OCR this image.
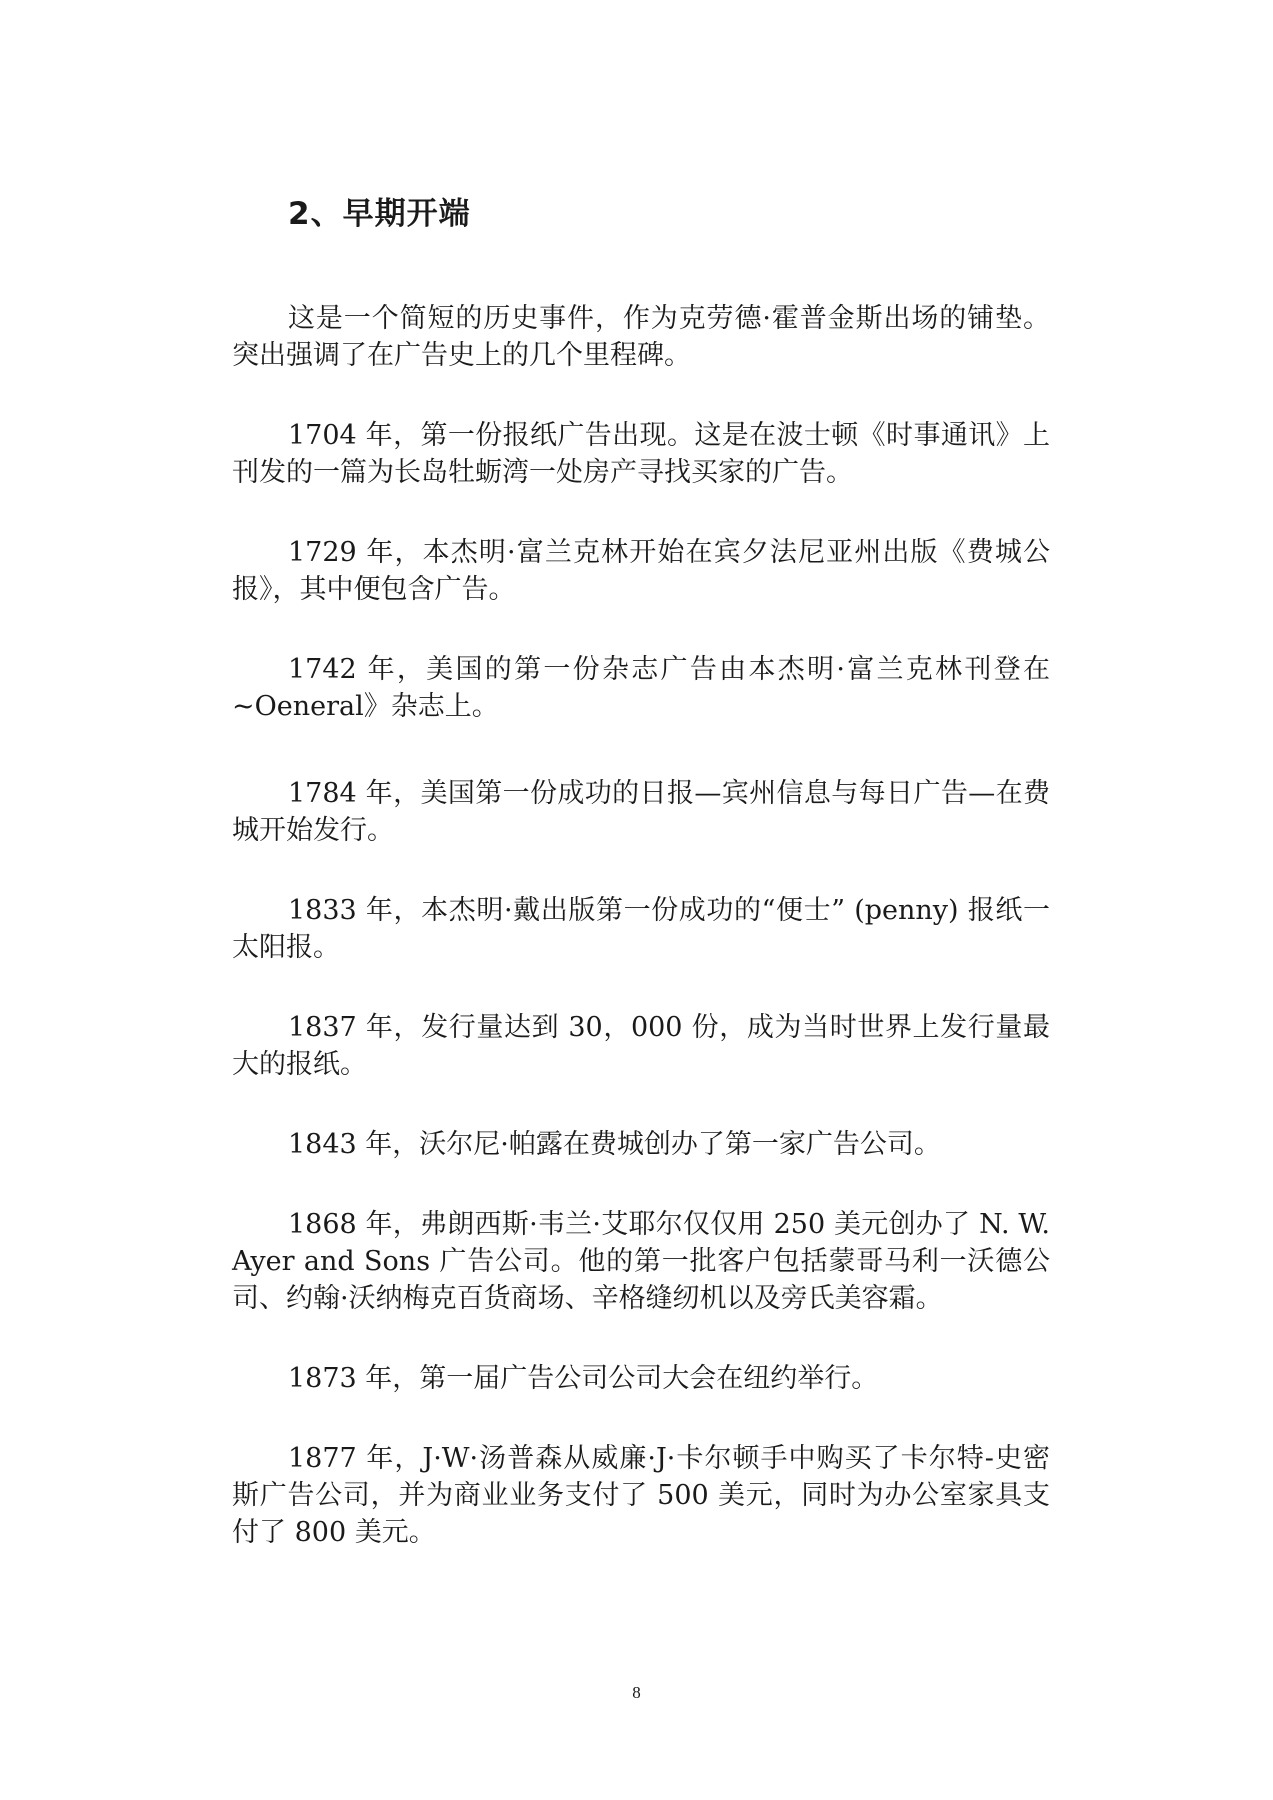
2、早期开端

这是一个简短的历史事件，作为克劳德·霍普金斯出场的铺垫。突出强调了在广告史上的几个里程碑。

1704 年，第一份报纸广告出现。这是在波士顿《时事通讯》上刊发的一篇为长岛牡蛎湾一处房产寻找买家的广告。

1729 年，本杰明·富兰克林开始在宾夕法尼亚州出版《费城公报》，其中便包含广告。

1742 年，美国的第一份杂志广告由本杰明·富兰克林刊登在~Oeneral》杂志上。

1784 年，美国第一份成功的日报—宾州信息与每日广告—在费城开始发行。

1833 年，本杰明·戴出版第一份成功的“便士” (penny) 报纸一太阳报。

1837 年，发行量达到 30，000 份，成为当时世界上发行量最大的报纸。

1843 年，沃尔尼·帕露在费城创办了第一家广告公司。

1868 年，弗朗西斯·韦兰·艾耶尔仅仅用 250 美元创办了 N. W. Ayer and Sons 广告公司。他的第一批客户包括蒙哥马利一沃德公司、约翰·沃纳梅克百货商场、辛格缝纫机以及旁氏美容霜。

1873 年，第一届广告公司公司大会在纽约举行。

1877 年，J·W·汤普森从威廉·J·卡尔顿手中购买了卡尔特-史密斯广告公司，并为商业业务支付了 500 美元，同时为办公室家具支付了 800 美元。

8
